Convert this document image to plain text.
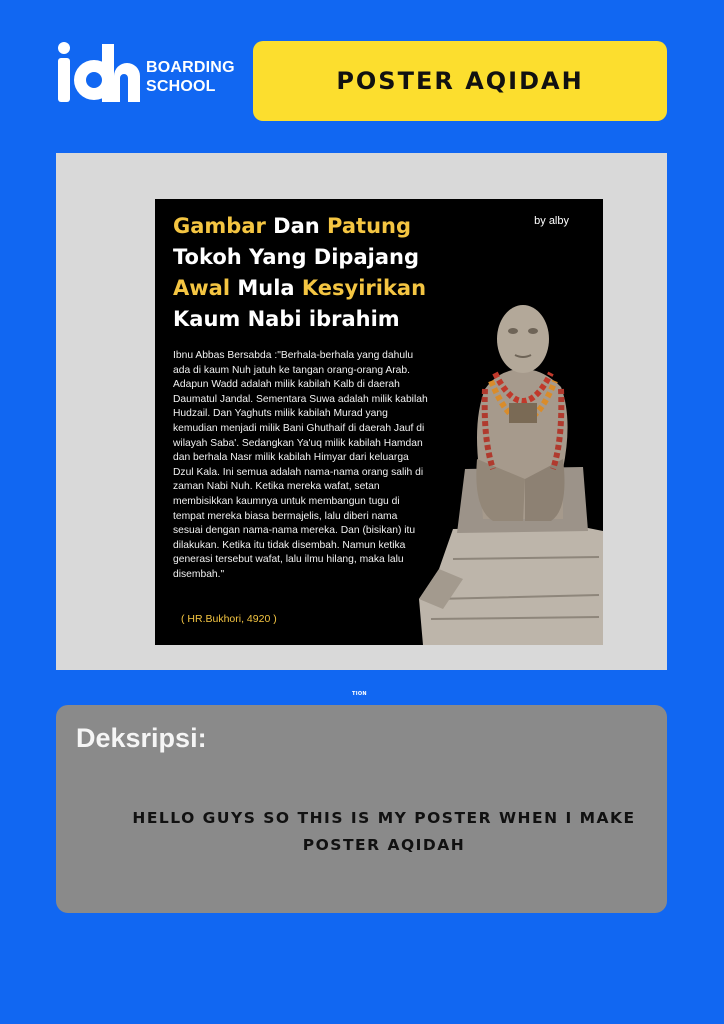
BOARDING
SCHOOL	POSTER AQIDAH
by alby
Gambar Dan Patung
Tokoh Yang Dipajang
Awal Mula Kesyirikan
Kaum Nabi ibrahim
Ibnu Abbas Bersabda :"Berhala-berhala yang dahulu ada di kaum Nuh jatuh ke tangan orang-orang Arab. Adapun Wadd adalah milik kabilah Kalb di daerah Daumatul Jandal. Sementara Suwa adalah milik kabilah Hudzail. Dan Yaghuts milik kabilah Murad yang kemudian menjadi milik Bani Ghuthaif di daerah Jauf di wilayah Saba'. Sedangkan Ya'uq milik kabilah Hamdan dan berhala Nasr milik kabilah Himyar dari keluarga Dzul Kala. Ini semua adalah nama-nama orang salih di zaman Nabi Nuh. Ketika mereka wafat, setan membisikkan kaumnya untuk membangun tugu di tempat mereka biasa bermajelis, lalu diberi nama sesuai dengan nama-nama mereka. Dan (bisikan) itu dilakukan. Ketika itu tidak disembah. Namun ketika generasi tersebut wafat, lalu ilmu hilang, maka lalu disembah."
( HR.Bukhori, 4920 )
TION
Deksripsi:
HELLO GUYS SO THIS IS MY POSTER WHEN I MAKE POSTER AQIDAH
